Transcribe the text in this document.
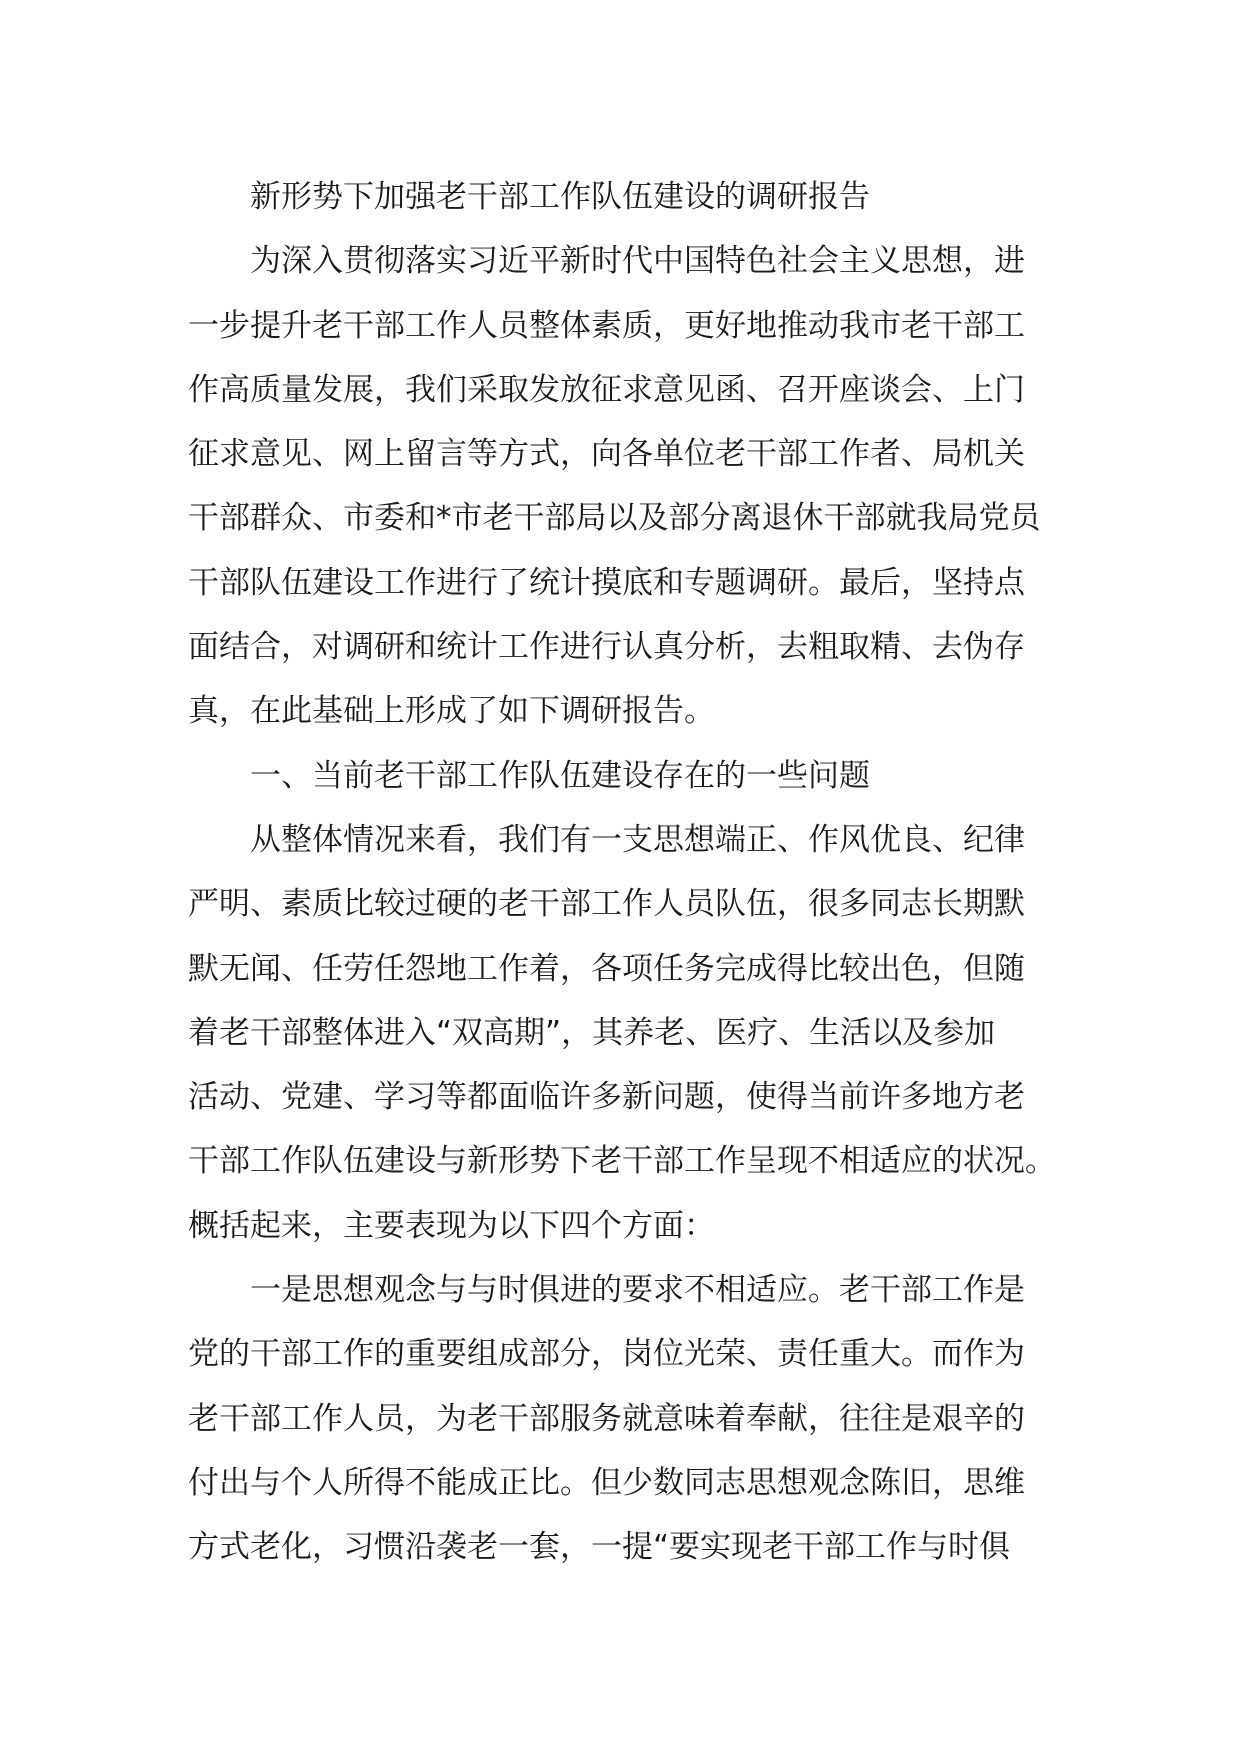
新形势下加强老干部工作队伍建设的调研报告
为深入贯彻落实习近平新时代中国特色社会主义思想，进
一步提升老干部工作人员整体素质，更好地推动我市老干部工
作高质量发展，我们采取发放征求意见函、召开座谈会、上门
征求意见、网上留言等方式，向各单位老干部工作者、局机关
干部群众、市委和*市老干部局以及部分离退休干部就我局党员
干部队伍建设工作进行了统计摸底和专题调研。最后，坚持点
面结合，对调研和统计工作进行认真分析，去粗取精、去伪存
真，在此基础上形成了如下调研报告。
一、当前老干部工作队伍建设存在的一些问题
从整体情况来看，我们有一支思想端正、作风优良、纪律
严明、素质比较过硬的老干部工作人员队伍，很多同志长期默
默无闻、任劳任怨地工作着，各项任务完成得比较出色，但随
着老干部整体进入“双高期”，其养老、医疗、生活以及参加
活动、党建、学习等都面临许多新问题，使得当前许多地方老
干部工作队伍建设与新形势下老干部工作呈现不相适应的状况。
概括起来，主要表现为以下四个方面：
一是思想观念与与时俱进的要求不相适应。老干部工作是
党的干部工作的重要组成部分，岗位光荣、责任重大。而作为
老干部工作人员，为老干部服务就意味着奉献，往往是艰辛的
付出与个人所得不能成正比。但少数同志思想观念陈旧，思维
方式老化，习惯沿袭老一套，一提“要实现老干部工作与时俱
